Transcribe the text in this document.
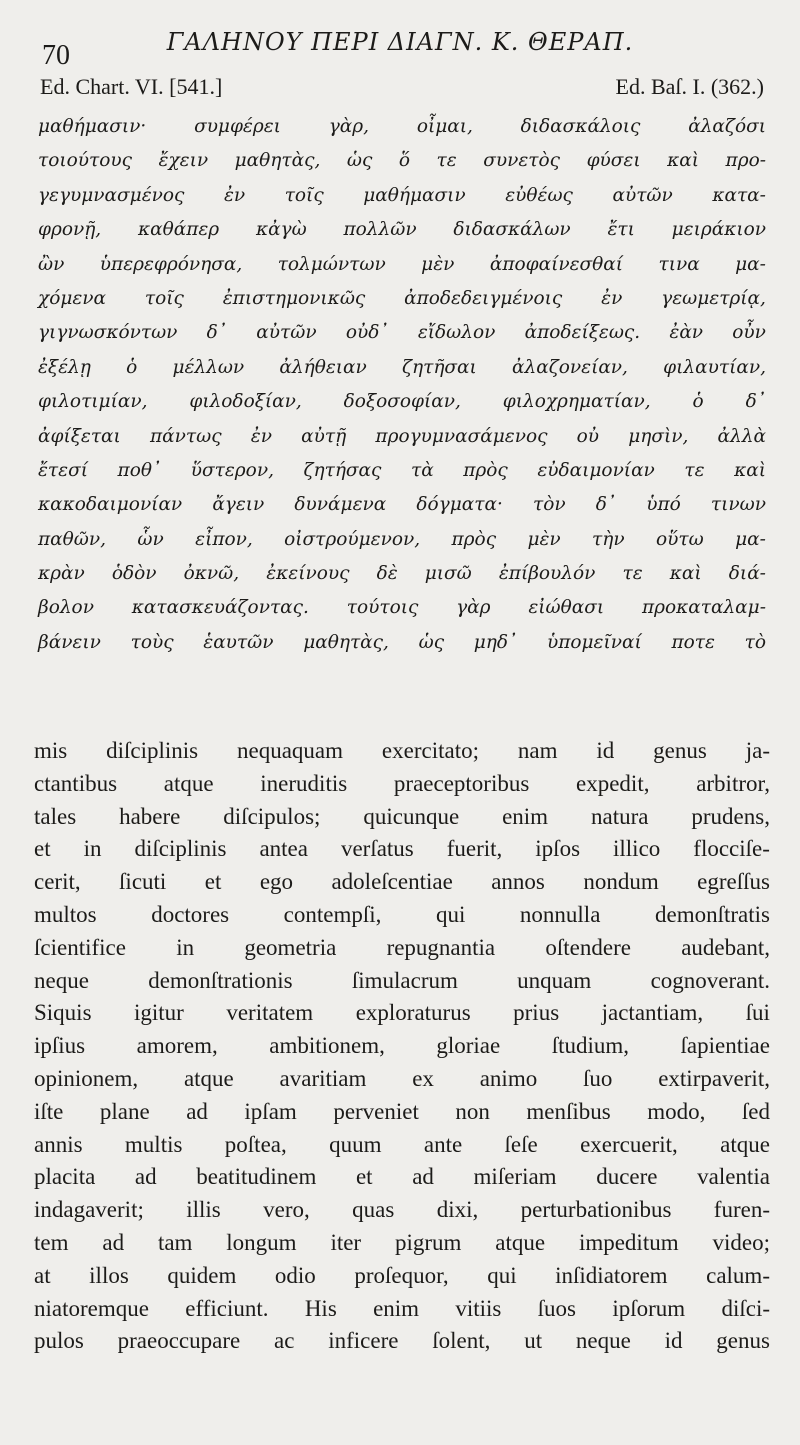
70	ΓΑΛΗΝΟΥ ΠΕΡΙ ΔΙΑΓΝ. Κ. ΘΕΡΑΠ.
Ed. Chart. VI. [541.]	Ed. Baſ. I. (362.)
μαθήμασιν·	συμφέρει	γὰρ,	οἶμαι,	διδασκάλοις	ἀλαζόσι
τοιούτους ἔχειν μαθητὰς, ὡς ὅ τε συνετὸς φύσει καὶ προ-
γεγυμνασμένος ἐν τοῖς μαθήμασιν εὐθέως αὐτῶν κατα-
φρονῇ, καθάπερ κἀγὼ πολλῶν διδασκάλων ἔτι μειράκιον
ὢν ὑπερεφρόνησα, τολμώντων μὲν ἀποφαίνεσθαί τινα μα-
χόμενα τοῖς ἐπιστημονικῶς ἀποδεδειγμένοις ἐν γεωμετρίᾳ,
γιγνωσκόντων δ᾿ αὐτῶν οὐδ᾿ εἴδωλον ἀποδείξεως. ἐὰν οὖν
ἐξέλῃ ὁ μέλλων ἀλήθειαν ζητῆσαι ἀλαζονείαν, φιλαυτίαν,
φιλοτιμίαν, φιλοδοξίαν, δοξοσοφίαν, φιλοχρηματίαν, ὁ δ᾿
ἀφίξεται πάντως ἐν αὐτῇ προγυμνασάμενος οὐ μησὶν, ἀλλὰ
ἔτεσί ποθ᾿ ὕστερον, ζητήσας τὰ πρὸς εὐδαιμονίαν τε καὶ
κακοδαιμονίαν ἄγειν δυνάμενα δόγματα· τὸν δ᾿ ὑπό τινων
παθῶν, ὧν εἶπον, οἰστρούμενον, πρὸς μὲν τὴν οὕτω μα-
κρὰν ὁδὸν ὀκνῶ, ἐκείνους δὲ μισῶ ἐπίβουλόν τε καὶ διά-
βολον κατασκευάζοντας. τούτοις γὰρ εἰώθασι προκαταλαμ-
βάνειν τοὺς ἑαυτῶν μαθητὰς, ὡς μηδ᾿ ὑπομεῖναί ποτε τὸ
mis diſciplinis nequaquam exercitato; nam id genus ja-
ctantibus atque ineruditis praeceptoribus expedit, arbitror,
tales habere diſcipulos; quicunque enim natura prudens,
et in diſciplinis antea verſatus fuerit, ipſos illico flocciſe-
cerit, ſicuti et ego adoleſcentiae annos nondum egreſſus
multos doctores contempſi, qui nonnulla demonſtratis
ſcientifice in geometria repugnantia oſtendere audebant,
neque	demonſtrationis	ſimulacrum	unquam	cognoverant.
Siquis igitur veritatem exploraturus prius jactantiam, ſui
ipſius amorem, ambitionem, gloriae ſtudium, ſapientiae
opinionem, atque avaritiam ex animo ſuo extirpaverit,
iſte plane ad ipſam perveniet non menſibus modo, ſed
annis multis poſtea, quum ante ſeſe exercuerit, atque
placita ad beatitudinem et ad miſeriam ducere valentia
indagaverit; illis vero, quas dixi, perturbationibus furen-
tem ad tam longum iter pigrum atque impeditum video;
at illos quidem odio proſequor, qui inſidiatorem calum-
niatoremque efficiunt. His enim vitiis ſuos ipſorum diſci-
pulos praeoccupare ac inficere ſolent, ut neque id genus
